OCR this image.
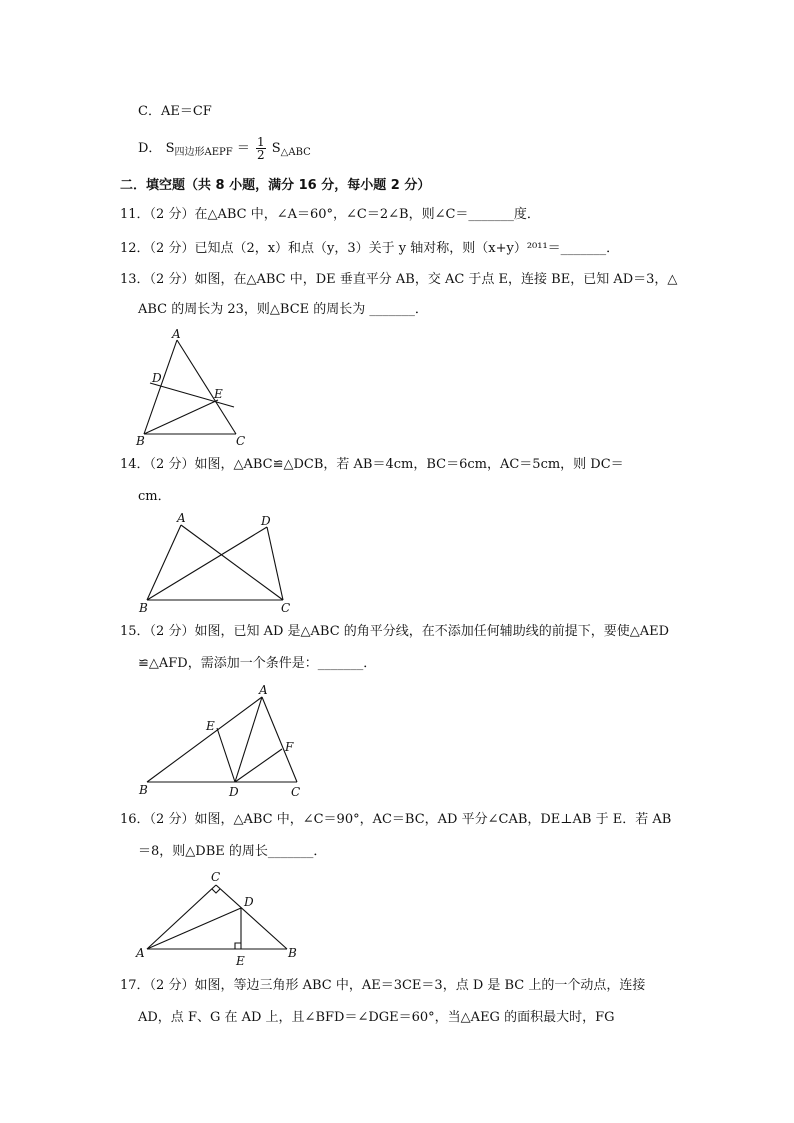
C．AE＝CF
D． $S_{四边形AEPF} = \frac{1}{2} S_{\triangle ABC}$
二．填空题（共 8 小题，满分 16 分，每小题 2 分）
11．（2 分）在△ABC 中，∠A＝60°，∠C＝2∠B，则∠C＝_______度．
12．（2 分）已知点（2，x）和点（y，3）关于 y 轴对称，则（x+y）²⁰¹¹＝_______．
13．（2 分）如图，在△ABC 中，DE 垂直平分 AB，交 AC 于点 E，连接 BE，已知 AD＝3，△
ABC 的周长为 23，则△BCE 的周长为 _______．
A
D
E
B	C
14．（2 分）如图，△ABC≌△DCB，若 AB＝4cm，BC＝6cm，AC＝5cm，则 DC＝
cm．
A	D
B	C
15．（2 分）如图，已知 AD 是△ABC 的角平分线，在不添加任何辅助线的前提下，要使△AED
≌△AFD，需添加一个条件是：_______．
A
E
F
B	D	C
16．（2 分）如图，△ABC 中，∠C＝90°，AC＝BC，AD 平分∠CAB，DE⊥AB 于 E．若 AB
＝8，则△DBE 的周长_______．
C
D
A
E
B
17．（2 分）如图，等边三角形 ABC 中，AE＝3CE＝3，点 D 是 BC 上的一个动点，连接
AD，点 F、G 在 AD 上，且∠BFD＝∠DGE＝60°，当△AEG 的面积最大时，FG
